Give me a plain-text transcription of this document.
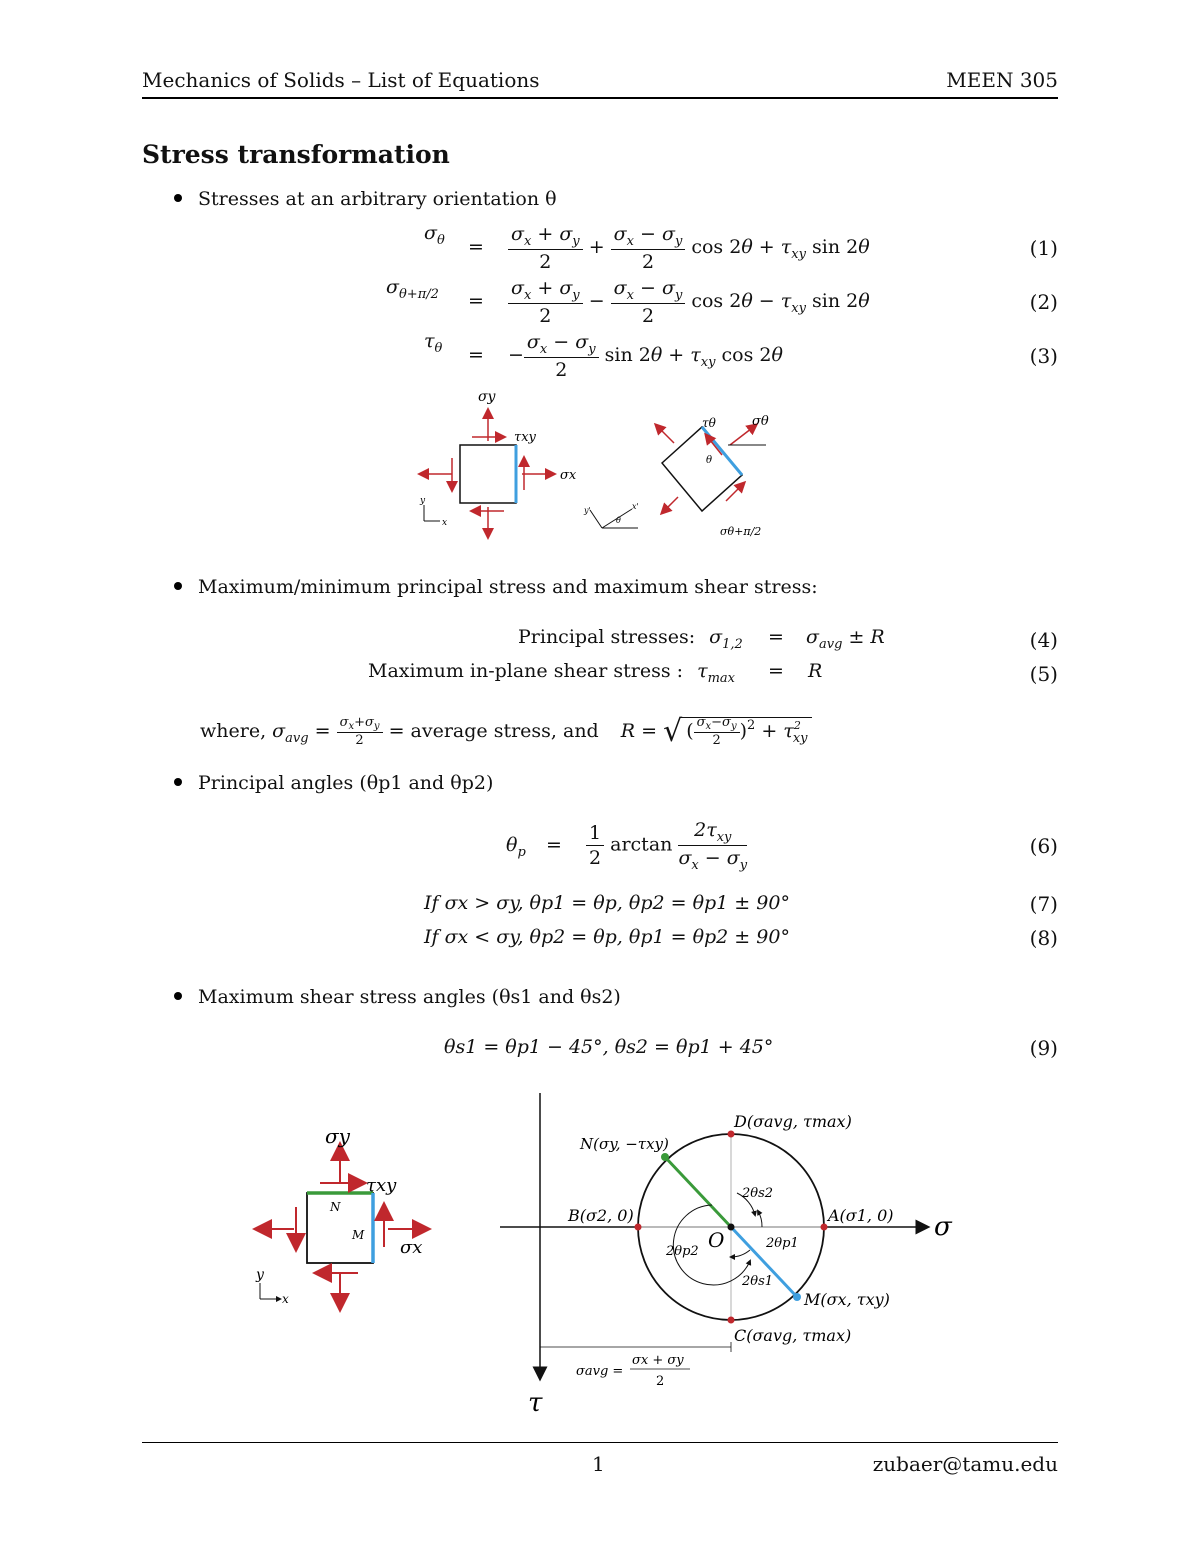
Mechanics of Solids – List of Equations	MEEN 305
Stress transformation
Stresses at an arbitrary orientation θ
$\sigma_\theta = \frac{\sigma_x + \sigma_y}{2} + \frac{\sigma_x - \sigma_y}{2}$ $\cos 2\theta + \tau_{xy}$ sin 2θ	(1)
$\sigma_{\theta+\pi/2} = \frac{\sigma_x + \sigma_y}{2} - \frac{\sigma_x - \sigma_y}{2}$ $\cos 2\theta - \tau_{xy}$ sin 2θ	(2)
$\tau_\theta$ = − $\frac{\sigma_x - \sigma_y}{2}$ $\sin 2\theta + \tau_{xy}$ cos 2θ	(3)
σy
τxy
σx
y
x
y'	x'
θ
τθ	σθ
θ
σθ+π/2
Maximum/minimum principal stress and maximum shear stress:
Principal stresses: $\sigma_{1,2} = \sigma_{avg} \pm R$	(4)
Maximum in-plane shear stress : $\tau_{max} = R$	(5)
where, $\sigma_{avg} = \frac{\sigma_x+\sigma_y}{2}$ = average stress, and R = √ ( $\frac{\sigma_x-\sigma_y}{2} )^2 + \tau^2_{xy}$
Principal angles (θp1 and θp2)
$\theta_p = \frac{1}{2}$ $\arctan \frac{2\tau_{xy}}{\sigma_x - \sigma_y}$	(6)
If σx > σy, θp1 = θp, θp2 = θp1 ± 90°	(7)
If σx < σy, θp2 = θp, θp1 = θp2 ± 90°	(8)
Maximum shear stress angles (θs1 and θs2)
θs1 = θp1 − 45°, θs2 = θp1 + 45°	(9)
σy
τxy
σx
N
M
y
x
σ
τ
D(σavg, τmax)
N(σy, −τxy)
B(σ2, 0)	A(σ1, 0)
O
M(σx, τxy)
C(σavg, τmax)
2θs2
2θp1
2θp2
2θs1
σavg =
σx + σy
2
1	zubaer@tamu.edu
